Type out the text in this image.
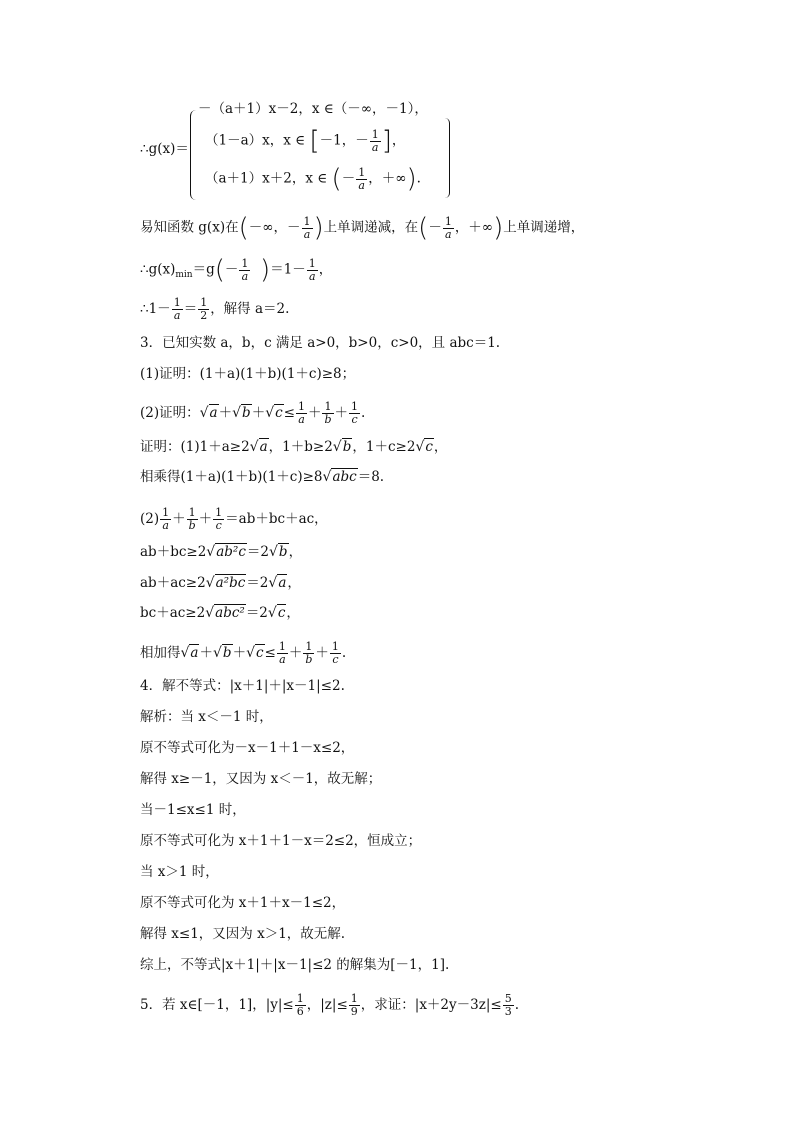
－（a＋1）x－2，x ∈（－∞，－1），
∴g(x)＝
（1－a）x，x ∈ [－1，－ $\frac{1}{a}$ ]，
（a＋1）x＋2，x ∈ (－ $\frac{1}{a}$ ，＋∞).
易知函数 g(x)在(－∞，－ $\frac{1}{a}$ )上单调递减，在(－ $\frac{1}{a}$ ，＋∞)上单调递增，
$\therefore g(x)_{min}=g(- \frac{1}{a} )=1- \frac{1}{a}$ ，
∴1－ $\frac{1}{a} = \frac{1}{2}$ ，解得 a＝2.
3．已知实数 a，b，c 满足 a>0，b>0，c>0，且 abc＝1.
(1)证明：(1＋a)(1＋b)(1＋c)≥8；
(2)证明：$√a+√b+√c\le \frac{1}{a} + \frac{1}{b} + \frac{1}{c}$ .
证明：(1)1＋a≥2√a，1＋b≥2√b，1＋c≥2√c，
相乘得(1＋a)(1＋b)(1＋c)≥8√abc＝8.
$(2) \frac{1}{a} + \frac{1}{b} + \frac{1}{c} =ab+bc+ac$，
ab＋bc≥2√ab²c＝2√b，
ab＋ac≥2√a²bc＝2√a，
bc＋ac≥2√abc²＝2√c，
相加得$√a+√b+√c\le \frac{1}{a} + \frac{1}{b} + \frac{1}{c}$ .
4．解不等式：|x＋1|＋|x－1|≤2.
解析：当 x＜－1 时，
原不等式可化为－x－1＋1－x≤2，
解得 x≥－1，又因为 x＜－1，故无解；
当－1≤x≤1 时，
原不等式可化为 x＋1＋1－x＝2≤2，恒成立；
当 x＞1 时，
原不等式可化为 x＋1＋x－1≤2，
解得 x≤1，又因为 x＞1，故无解.
综上，不等式|x＋1|＋|x－1|≤2 的解集为[－1，1].
5．若 x∈[－1，1]，$|y|\le \frac{1}{6}$ ，$|z|\le \frac{1}{9}$ ，求证：$|x+2y-3z|\le \frac{5}{3}$ .
